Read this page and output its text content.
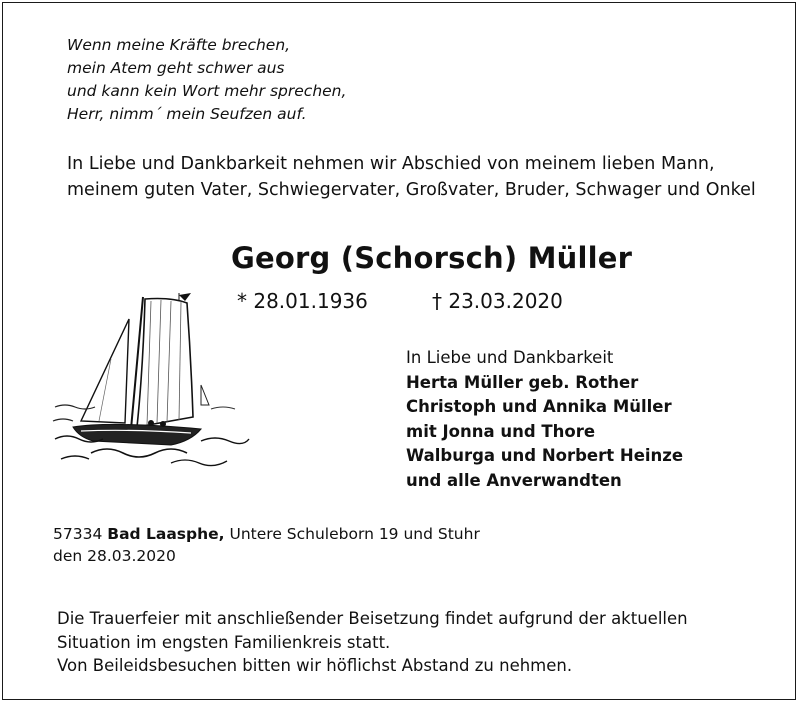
Wenn meine Kräfte brechen,
mein Atem geht schwer aus
und kann kein Wort mehr sprechen,
Herr, nimm´ mein Seufzen auf.
In Liebe und Dankbarkeit nehmen wir Abschied von meinem lieben Mann,
meinem guten Vater, Schwiegervater, Großvater, Bruder, Schwager und Onkel
Georg (Schorsch) Müller
* 28.01.1936	† 23.03.2020
In Liebe und Dankbarkeit
Herta Müller geb. Rother
Christoph und Annika Müller
mit Jonna und Thore
Walburga und Norbert Heinze
und alle Anverwandten
57334 Bad Laasphe, Untere Schuleborn 19 und Stuhr
den 28.03.2020
Die Trauerfeier mit anschließender Beisetzung findet aufgrund der aktuellen
Situation im engsten Familienkreis statt.
Von Beileidsbesuchen bitten wir höflichst Abstand zu nehmen.
